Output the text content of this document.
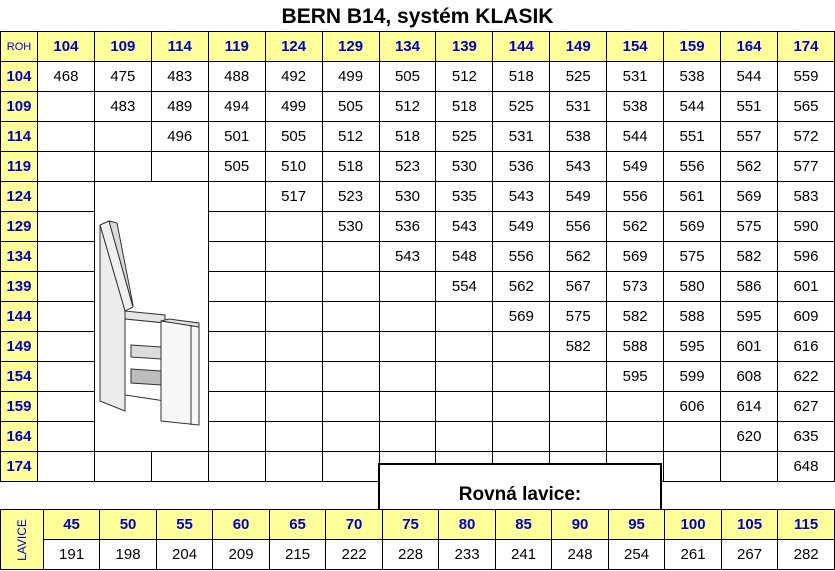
BERN B14, systém KLASIK
ROH	104	109	114	119	124	129	134	139	144	149	154	159	164	174
104	468	475	483	488	492	499	505	512	518	525	531	538	544	559
109		483	489	494	499	505	512	518	525	531	538	544	551	565
114			496	501	505	512	518	525	531	538	544	551	557	572
119				505	510	518	523	530	536	543	549	556	562	577
124					517	523	530	535	543	549	556	561	569	583
129						530	536	543	549	556	562	569	575	590
134							543	548	556	562	569	575	582	596
139								554	562	567	573	580	586	601
144									569	575	582	588	595	609
149										582	588	595	601	616
154											595	599	608	622
159												606	614	627
164													620	635
174														648
Rovná lavice:
LAVICE	45	50	55	60	65	70	75	80	85	90	95	100	105	115
	191	198	204	209	215	222	228	233	241	248	254	261	267	282
